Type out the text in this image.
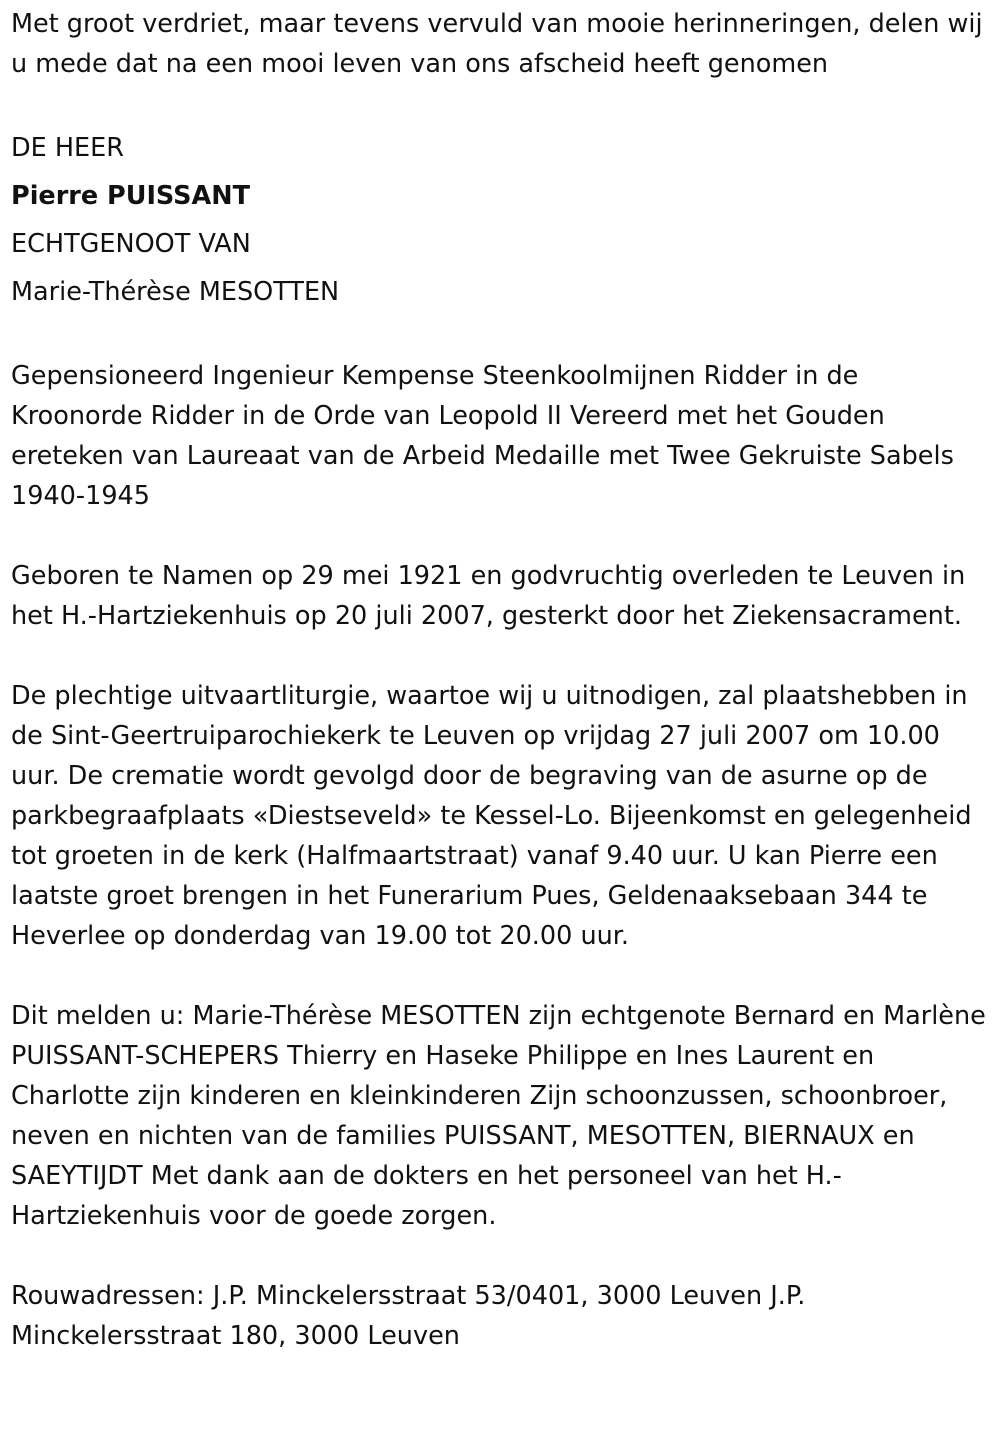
Met groot verdriet, maar tevens vervuld van mooie herinneringen, delen wij u mede dat na een mooi leven van ons afscheid heeft genomen

DE HEER

Pierre PUISSANT

ECHTGENOOT VAN

Marie-Thérèse MESOTTEN

Gepensioneerd Ingenieur Kempense Steenkoolmijnen Ridder in de Kroonorde Ridder in de Orde van Leopold II Vereerd met het Gouden ereteken van Laureaat van de Arbeid Medaille met Twee Gekruiste Sabels 1940-1945

Geboren te Namen op 29 mei 1921 en godvruchtig overleden te Leuven in het H.-Hartziekenhuis op 20 juli 2007, gesterkt door het Ziekensacrament.

De plechtige uitvaartliturgie, waartoe wij u uitnodigen, zal plaatshebben in de Sint-Geertruiparochiekerk te Leuven op vrijdag 27 juli 2007 om 10.00 uur. De crematie wordt gevolgd door de begraving van de asurne op de parkbegraafplaats «Diestseveld» te Kessel-Lo. Bijeenkomst en gelegenheid tot groeten in de kerk (Halfmaartstraat) vanaf 9.40 uur. U kan Pierre een laatste groet brengen in het Funerarium Pues, Geldenaaksebaan 344 te Heverlee op donderdag van 19.00 tot 20.00 uur.

Dit melden u: Marie-Thérèse MESOTTEN zijn echtgenote Bernard en Marlène PUISSANT-SCHEPERS Thierry en Haseke Philippe en Ines Laurent en Charlotte zijn kinderen en kleinkinderen Zijn schoonzussen, schoonbroer, neven en nichten van de families PUISSANT, MESOTTEN, BIERNAUX en SAEYTIJDT Met dank aan de dokters en het personeel van het H.-Hartziekenhuis voor de goede zorgen.

Rouwadressen: J.P. Minckelersstraat 53/0401, 3000 Leuven J.P. Minckelersstraat 180, 3000 Leuven
